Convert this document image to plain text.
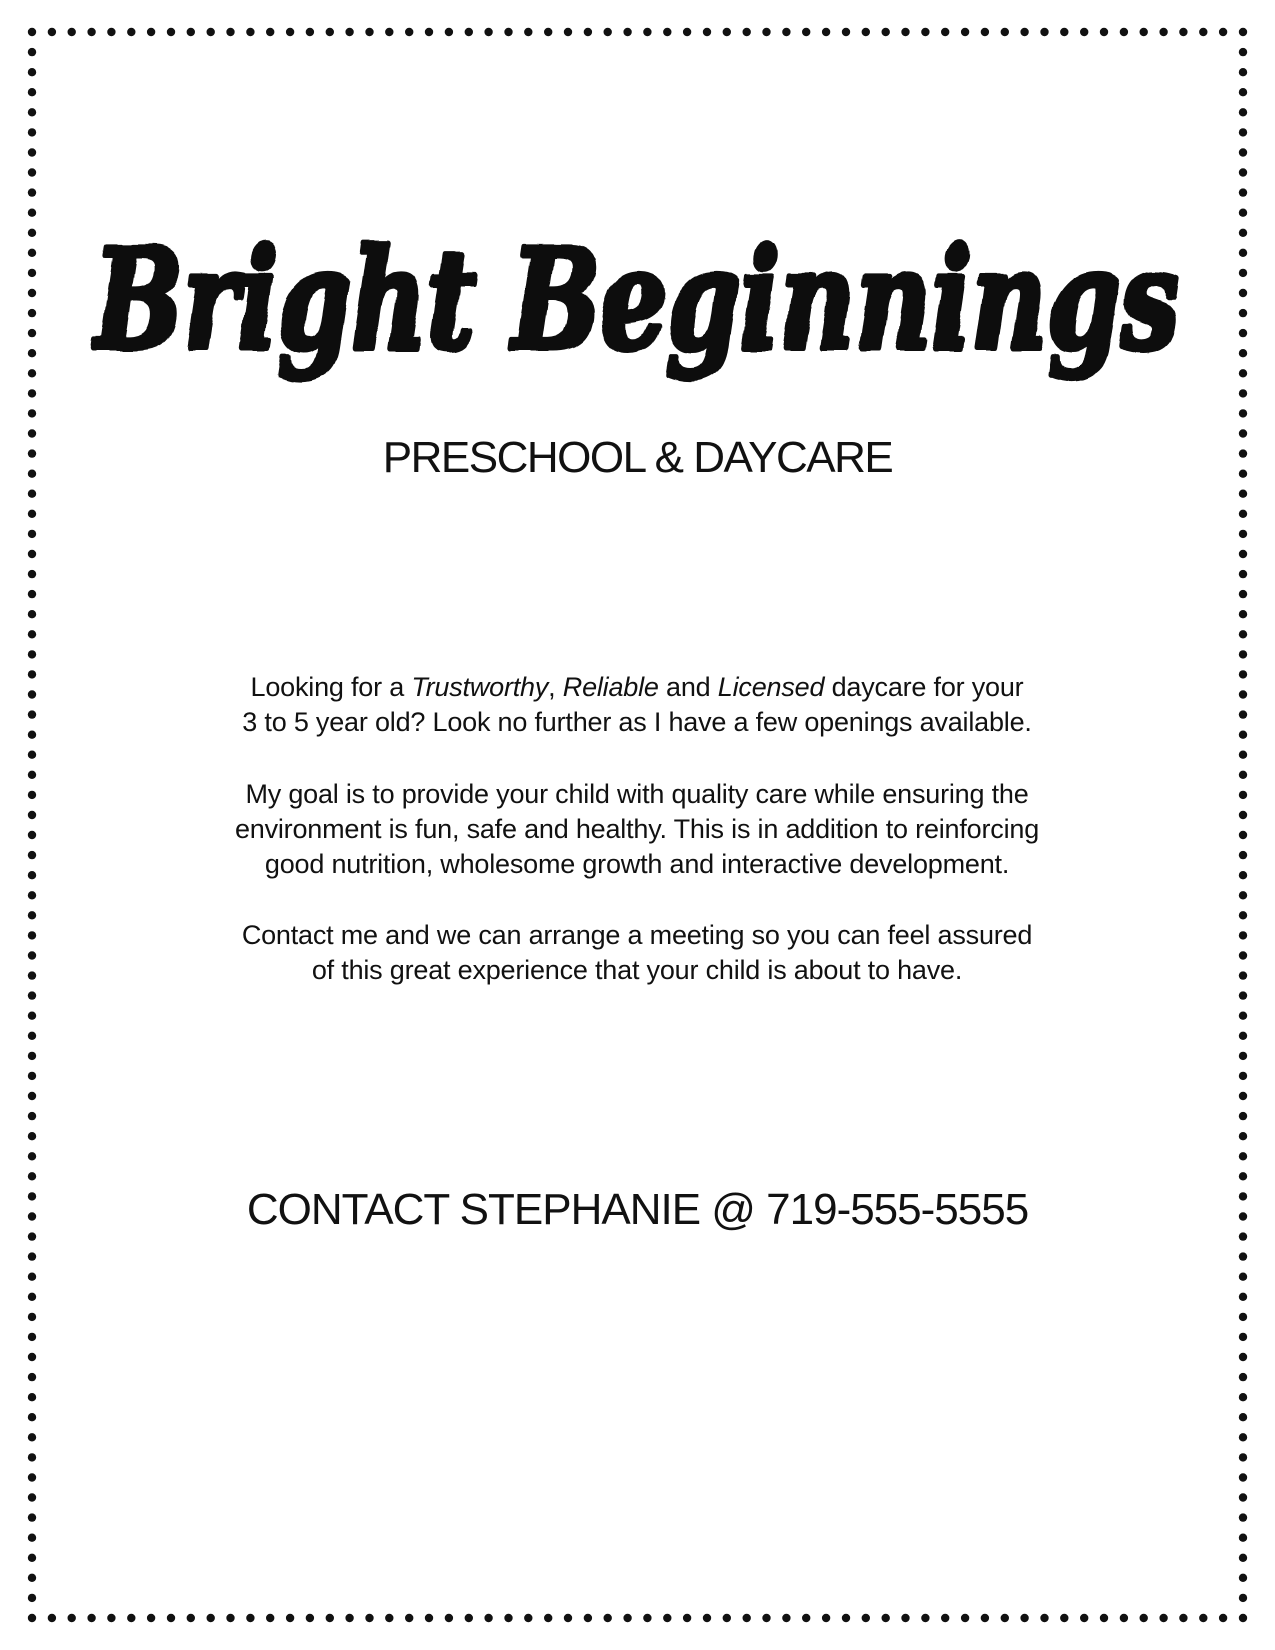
Bright Beginnings
PRESCHOOL & DAYCARE
Looking for a Trustworthy, Reliable and Licensed daycare for your
3 to 5 year old? Look no further as I have a few openings available.
My goal is to provide your child with quality care while ensuring the
environment is fun, safe and healthy. This is in addition to reinforcing
good nutrition, wholesome growth and interactive development.
Contact me and we can arrange a meeting so you can feel assured
of this great experience that your child is about to have.
CONTACT STEPHANIE @ 719-555-5555
